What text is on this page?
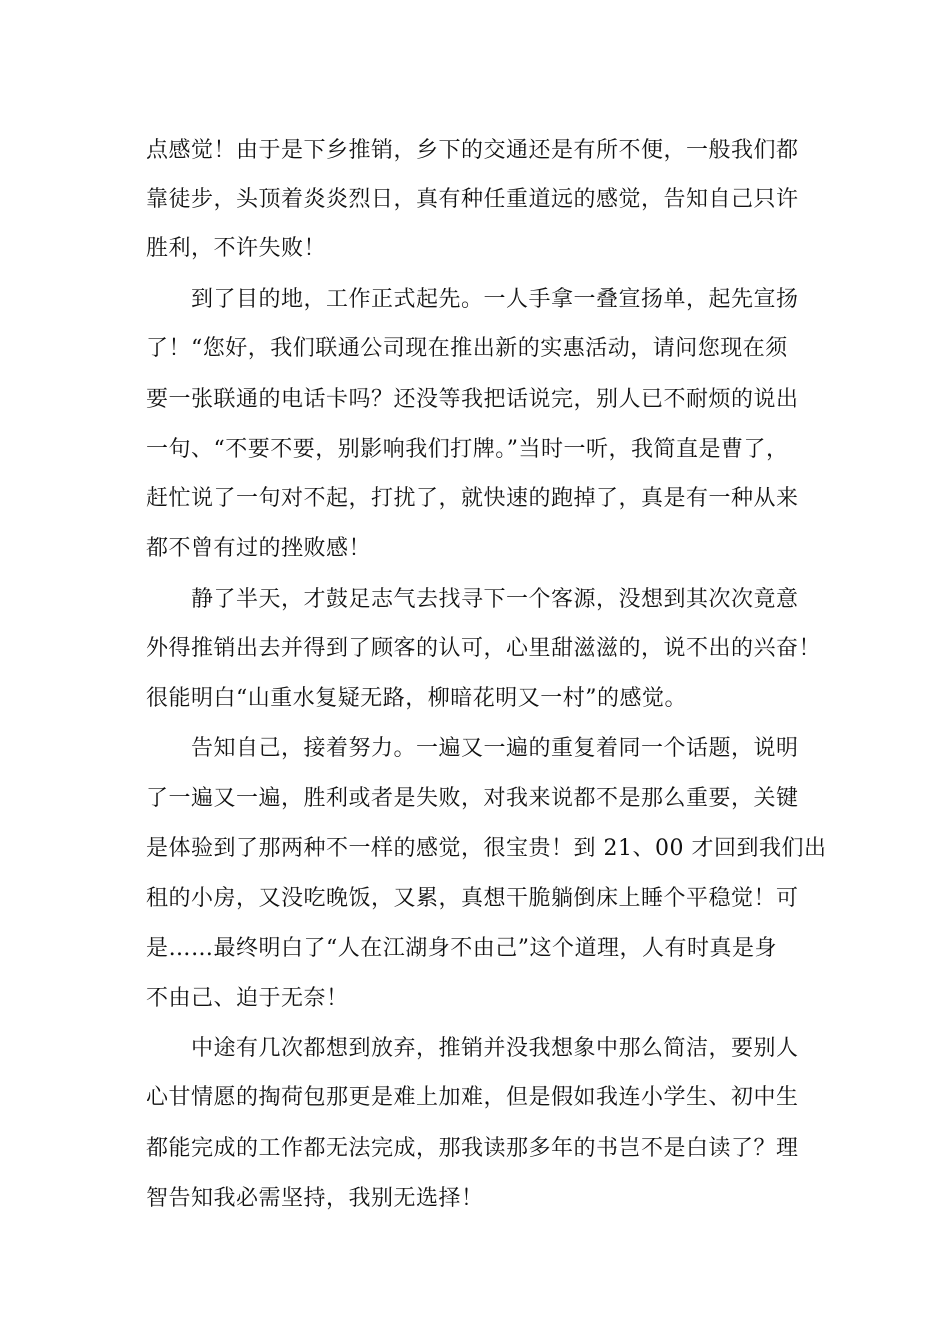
点感觉！由于是下乡推销，乡下的交通还是有所不便，一般我们都

靠徒步，头顶着炎炎烈日，真有种任重道远的感觉，告知自己只许

胜利，不许失败！

　　到了目的地，工作正式起先。一人手拿一叠宣扬单，起先宣扬

了！“您好，我们联通公司现在推出新的实惠活动，请问您现在须

要一张联通的电话卡吗？还没等我把话说完，别人已不耐烦的说出

一句、“不要不要，别影响我们打牌。”当时一听，我简直是曹了，

赶忙说了一句对不起，打扰了，就快速的跑掉了，真是有一种从来

都不曾有过的挫败感！

　　静了半天，才鼓足志气去找寻下一个客源，没想到其次次竟意

外得推销出去并得到了顾客的认可，心里甜滋滋的，说不出的兴奋！

很能明白“山重水复疑无路，柳暗花明又一村”的感觉。

　　告知自己，接着努力。一遍又一遍的重复着同一个话题，说明

了一遍又一遍，胜利或者是失败，对我来说都不是那么重要，关键

是体验到了那两种不一样的感觉，很宝贵！到 21、00 才回到我们出

租的小房，又没吃晚饭，又累，真想干脆躺倒床上睡个平稳觉！可

是……最终明白了“人在江湖身不由己”这个道理，人有时真是身

不由己、迫于无奈！

　　中途有几次都想到放弃，推销并没我想象中那么简洁，要别人

心甘情愿的掏荷包那更是难上加难，但是假如我连小学生、初中生

都能完成的工作都无法完成，那我读那多年的书岂不是白读了？理

智告知我必需坚持，我别无选择！
